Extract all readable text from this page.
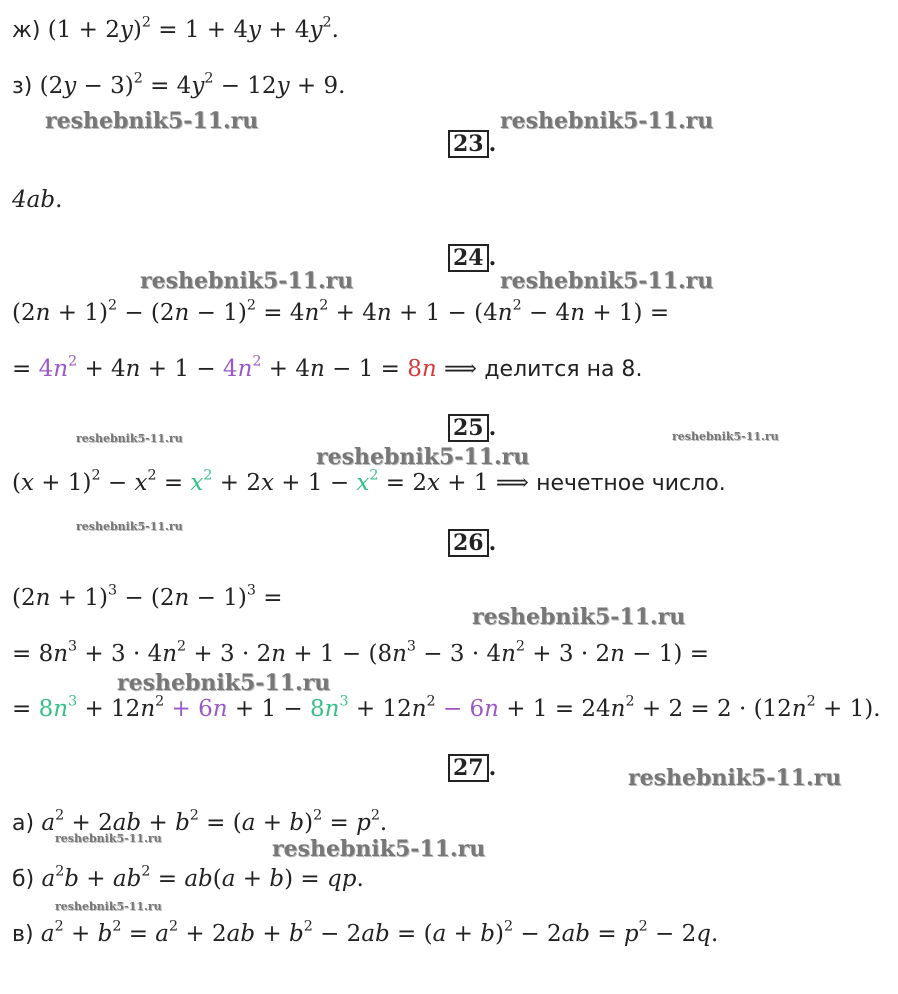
ж) $(1 + 2y)^2 = 1 + 4y + 4y^2$.
з) $(2y - 3)^2 = 4y^2 - 12y + 9$.
23 .
4ab.
24 .
$(2n + 1)^2 - (2n - 1)^2 = 4n^2 + 4n + 1 - (4n^2 - 4n + 1)$ =
= $4n^2 + 4n + 1 - 4n^2 + 4n - 1 = 8n$ ⟹ делится на 8.
25 .
$(x + 1)^2 - x^2 = x^2 + 2x + 1 - x^2 = 2x + 1$ ⟹ нечетное число.
26 .
$(2n + 1)^3 - (2n - 1)^3$ =
= $8n^3 + 3 \cdot 4n^2 + 3 \cdot 2n + 1 - (8n^3 - 3 \cdot 4n^2 + 3 \cdot 2n - 1)$ =
= $8n^3 + 12n^2 + 6n + 1 - 8n^3 + 12n^2 - 6n + 1 = 24n^2 + 2 = 2 \cdot (12n^2 + 1)$.
27 .
а) $a^2 + 2ab + b^2 = (a + b)^2 = p^2$.
б) $a^2b + ab^2 = ab(a + b)$ = qp.
в) $a^2 + b^2 = a^2 + 2ab + b^2 - 2ab = (a + b)^2 - 2ab = p^2 - 2q$.
reshebnik5-11.ru	reshebnik5-11.ru
reshebnik5-11.ru	reshebnik5-11.ru
reshebnik5-11.ru	reshebnik5-11.ru
reshebnik5-11.ru
reshebnik5-11.ru
reshebnik5-11.ru
reshebnik5-11.ru
reshebnik5-11.ru
reshebnik5-11.ru	reshebnik5-11.ru
reshebnik5-11.ru
